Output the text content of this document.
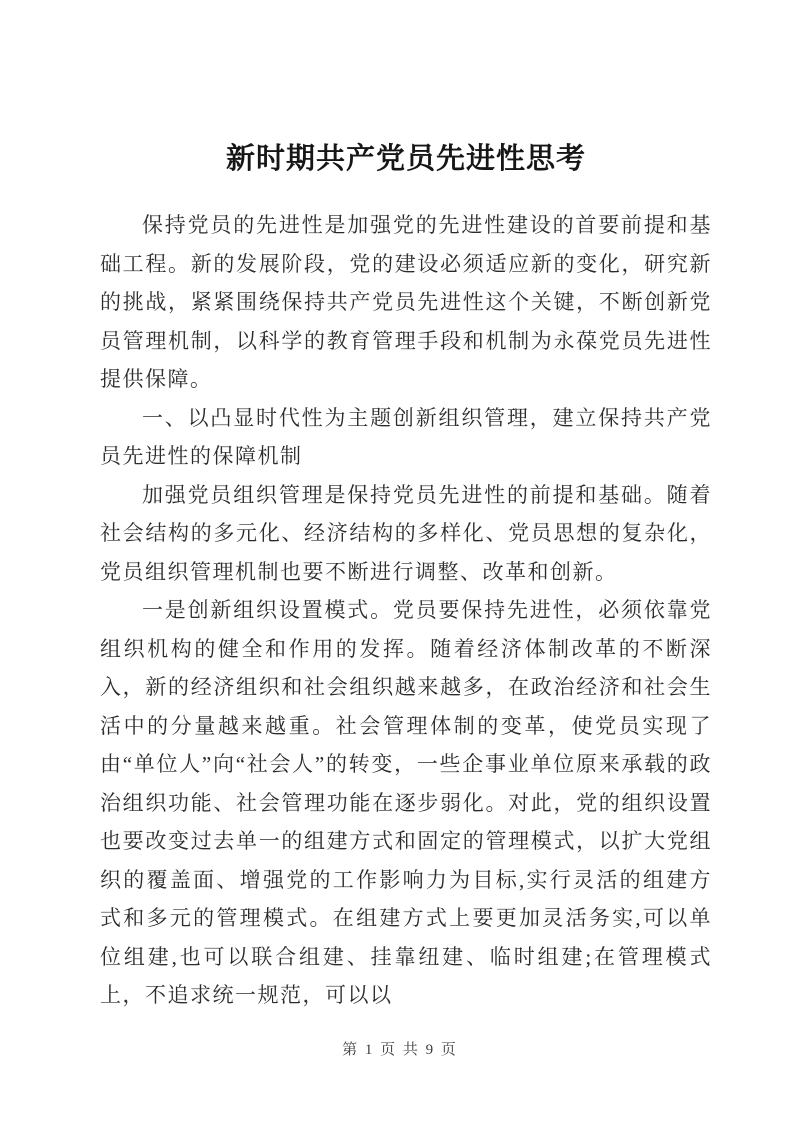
新时期共产党员先进性思考

保持党员的先进性是加强党的先进性建设的首要前提和基础工程。新的发展阶段，党的建设必须适应新的变化，研究新的挑战，紧紧围绕保持共产党员先进性这个关键，不断创新党员管理机制，以科学的教育管理手段和机制为永葆党员先进性提供保障。

一、以凸显时代性为主题创新组织管理，建立保持共产党员先进性的保障机制

加强党员组织管理是保持党员先进性的前提和基础。随着社会结构的多元化、经济结构的多样化、党员思想的复杂化，党员组织管理机制也要不断进行调整、改革和创新。

一是创新组织设置模式。党员要保持先进性，必须依靠党组织机构的健全和作用的发挥。随着经济体制改革的不断深入，新的经济组织和社会组织越来越多，在政治经济和社会生活中的分量越来越重。社会管理体制的变革，使党员实现了由“单位人”向“社会人”的转变，一些企事业单位原来承载的政治组织功能、社会管理功能在逐步弱化。对此，党的组织设置也要改变过去单一的组建方式和固定的管理模式，以扩大党组织的覆盖面、增强党的工作影响力为目标,实行灵活的组建方式和多元的管理模式。在组建方式上要更加灵活务实,可以单位组建,也可以联合组建、挂靠纽建、临时组建;在管理模式上，不追求统一规范，可以以

第 1 页 共 9 页
